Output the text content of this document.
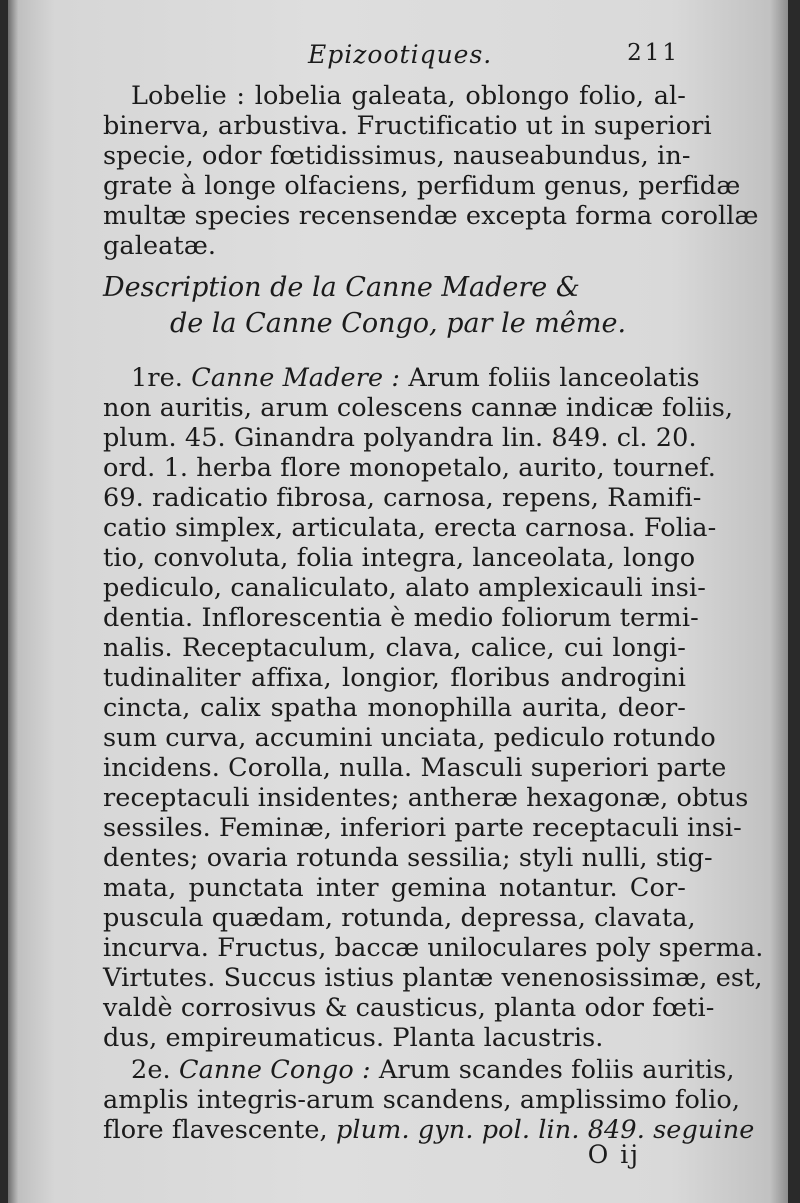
Epizootiques.	211
Lobelie : lobelia galeata, oblongo folio, al-
binerva, arbustiva. Fructificatio ut in superiori
specie, odor fœtidissimus, nauseabundus, in-
grate à longe olfaciens, perfidum genus, perfidæ
multæ species recensendæ excepta forma corollæ
galeatæ.
Description de la Canne Madere &
de la Canne Congo, par le même.
1re. Canne Madere : Arum foliis lanceolatis
non auritis, arum colescens cannæ indicæ foliis,
plum. 45. Ginandra polyandra lin. 849. cl. 20.
ord. 1. herba flore monopetalo, aurito, tournef.
69. radicatio fibrosa, carnosa, repens, Ramifi-
catio simplex, articulata, erecta carnosa. Folia-
tio, convoluta, folia integra, lanceolata, longo
pediculo, canaliculato, alato amplexicauli insi-
dentia. Inflorescentia è medio foliorum termi-
nalis. Receptaculum, clava, calice, cui longi-
tudinaliter affixa, longior, floribus androgini
cincta, calix spatha monophilla aurita, deor-
sum curva, accumini unciata, pediculo rotundo
incidens. Corolla, nulla. Masculi superiori parte
receptaculi insidentes; antheræ hexagonæ, obtus
sessiles. Feminæ, inferiori parte receptaculi insi-
dentes; ovaria rotunda sessilia; styli nulli, stig-
mata, punctata inter gemina notantur. Cor-
puscula quædam, rotunda, depressa, clavata,
incurva. Fructus, baccæ uniloculares poly sperma.
Virtutes. Succus istius plantæ venenosissimæ, est,
valdè corrosivus & causticus, planta odor fœti-
dus, empireumaticus. Planta lacustris.
2e. Canne Congo : Arum scandes foliis auritis,
amplis integris-arum scandens, amplissimo folio,
flore flavescente, plum. gyn. pol. lin. 849. seguine
O ij
